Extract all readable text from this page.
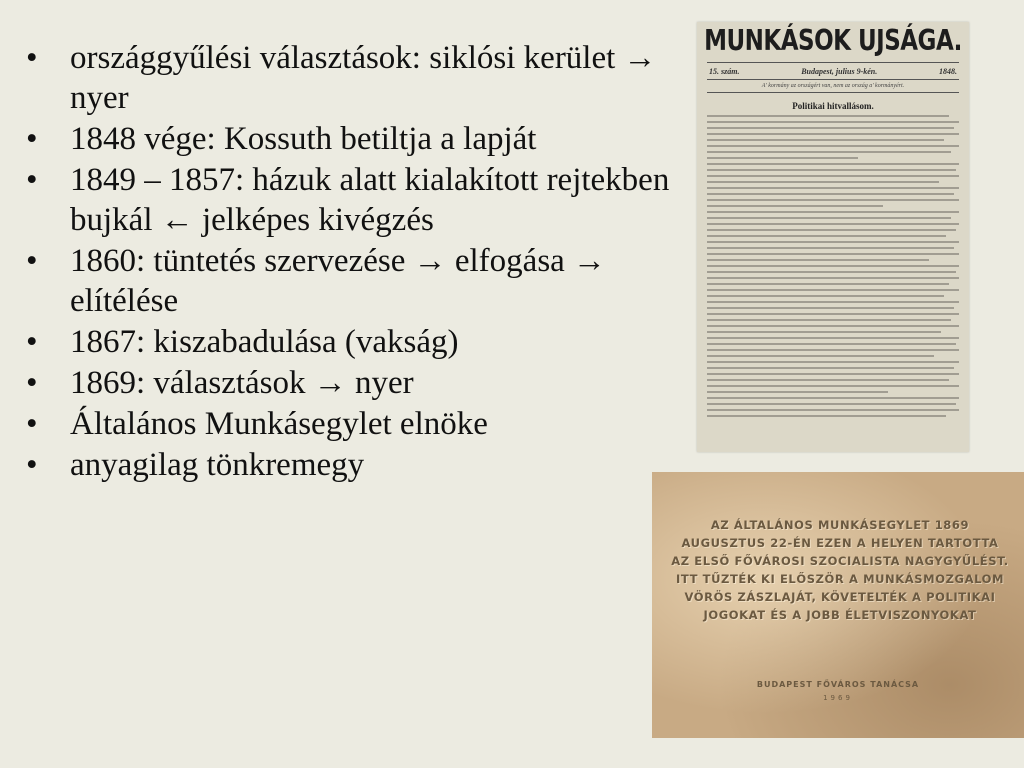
• országgyűlési választások: siklósi kerület → nyer
• 1848 vége: Kossuth betiltja a lapját
• 1849 – 1857: házuk alatt kialakított rejtekben bujkál ← jelképes kivégzés
• 1860: tüntetés szervezése → elfogása → elítélése
• 1867: kiszabadulása (vakság)
• 1869: választások → nyer
• Általános Munkásegylet elnöke
• anyagilag tönkremegy
MUNKÁSOK UJSÁGA.
15. szám.	Budapest, julius 9-kén.	1848.
A' kormány az országért van, nem az ország a' kormányért.
Politikai hitvallásom.
AZ ÁLTALÁNOS MUNKÁSEGYLET 1869 AUGUSZTUS 22-ÉN EZEN A HELYEN TARTOTTA AZ ELSŐ FŐVÁROSI SZOCIALISTA NAGYGYŰLÉST. ITT TŰZTÉK KI ELŐSZÖR A MUNKÁSMOZGALOM VÖRÖS ZÁSZLAJÁT, KÖVETELTÉK A POLITIKAI JOGOKAT ÉS A JOBB ÉLETVISZONYOKAT
BUDAPEST FŐVÁROS TANÁCSA
1969
